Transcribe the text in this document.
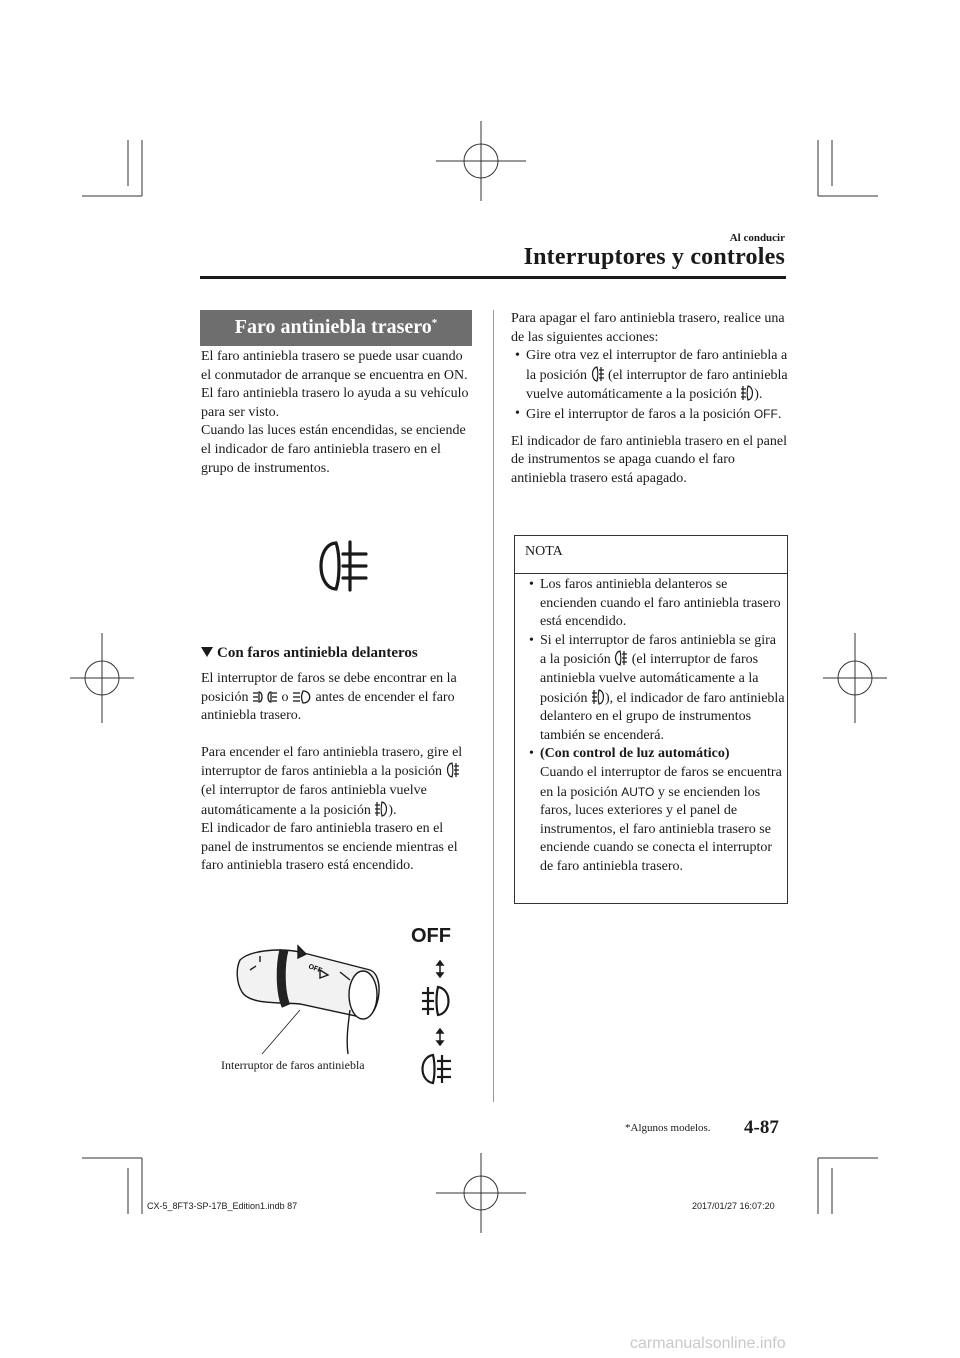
Al conducir
Interruptores y controles
Faro antiniebla trasero*

El faro antiniebla trasero se puede usar cuando el conmutador de arranque se encuentra en ON.

El faro antiniebla trasero lo ayuda a su vehículo para ser visto.

Cuando las luces están encendidas, se enciende el indicador de faro antiniebla trasero en el grupo de instrumentos.

Con faros antiniebla delanteros

El interruptor de faros se debe encontrar en la posición o antes de encender el faro antiniebla trasero.

Para encender el faro antiniebla trasero, gire el interruptor de faros antiniebla a la posición  (el interruptor de faros antiniebla vuelve automáticamente a la posición ).

El indicador de faro antiniebla trasero en el panel de instrumentos se enciende mientras el faro antiniebla trasero está encendido.

OFF
OFF
Interruptor de faros antiniebla

Para apagar el faro antiniebla trasero, realice una de las siguientes acciones:

• Gire otra vez el interruptor de faro antiniebla a la posición (el interruptor de faro antiniebla vuelve automáticamente a la posición ).
• Gire el interruptor de faros a la posición OFF.

El indicador de faro antiniebla trasero en el panel de instrumentos se apaga cuando el faro antiniebla trasero está apagado.

NOTA
• Los faros antiniebla delanteros se encienden cuando el faro antiniebla trasero está encendido.
• Si el interruptor de faros antiniebla se gira a la posición (el interruptor de faros antiniebla vuelve automáticamente a la posición ), el indicador de faro antiniebla delantero en el grupo de instrumentos también se encenderá.
• (Con control de luz automático)
Cuando el interruptor de faros se encuentra en la posición AUTO y se encienden los faros, luces exteriores y el panel de instrumentos, el faro antiniebla trasero se enciende cuando se conecta el interruptor de faro antiniebla trasero.
*Algunos modelos. 4-87
CX-5_8FT3-SP-17B_Edition1.indb 87	2017/01/27 16:07:20
carmanualsonline.info
